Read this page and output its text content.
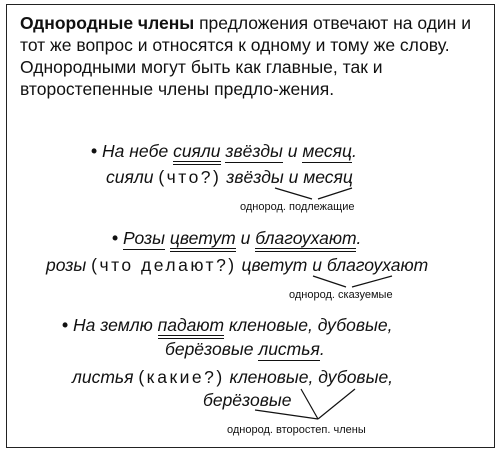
Однородные члены предложения отвечают на один и тот же вопрос и относятся к одному и тому же слову. Однородными могут быть как главные, так и второстепенные члены предло-жения.
• На небе сияли звёзды и месяц.
сияли (что?) звёзды и месяц
однород. подлежащие
• Розы цветут и благоухают.
розы (что делают?) цветут и благоухают
однород. сказуемые
• На землю падают кленовые, дубовые,
берёзовые листья.
листья (какие?) кленовые, дубовые,
берёзовые
однород. второстеп. члены
